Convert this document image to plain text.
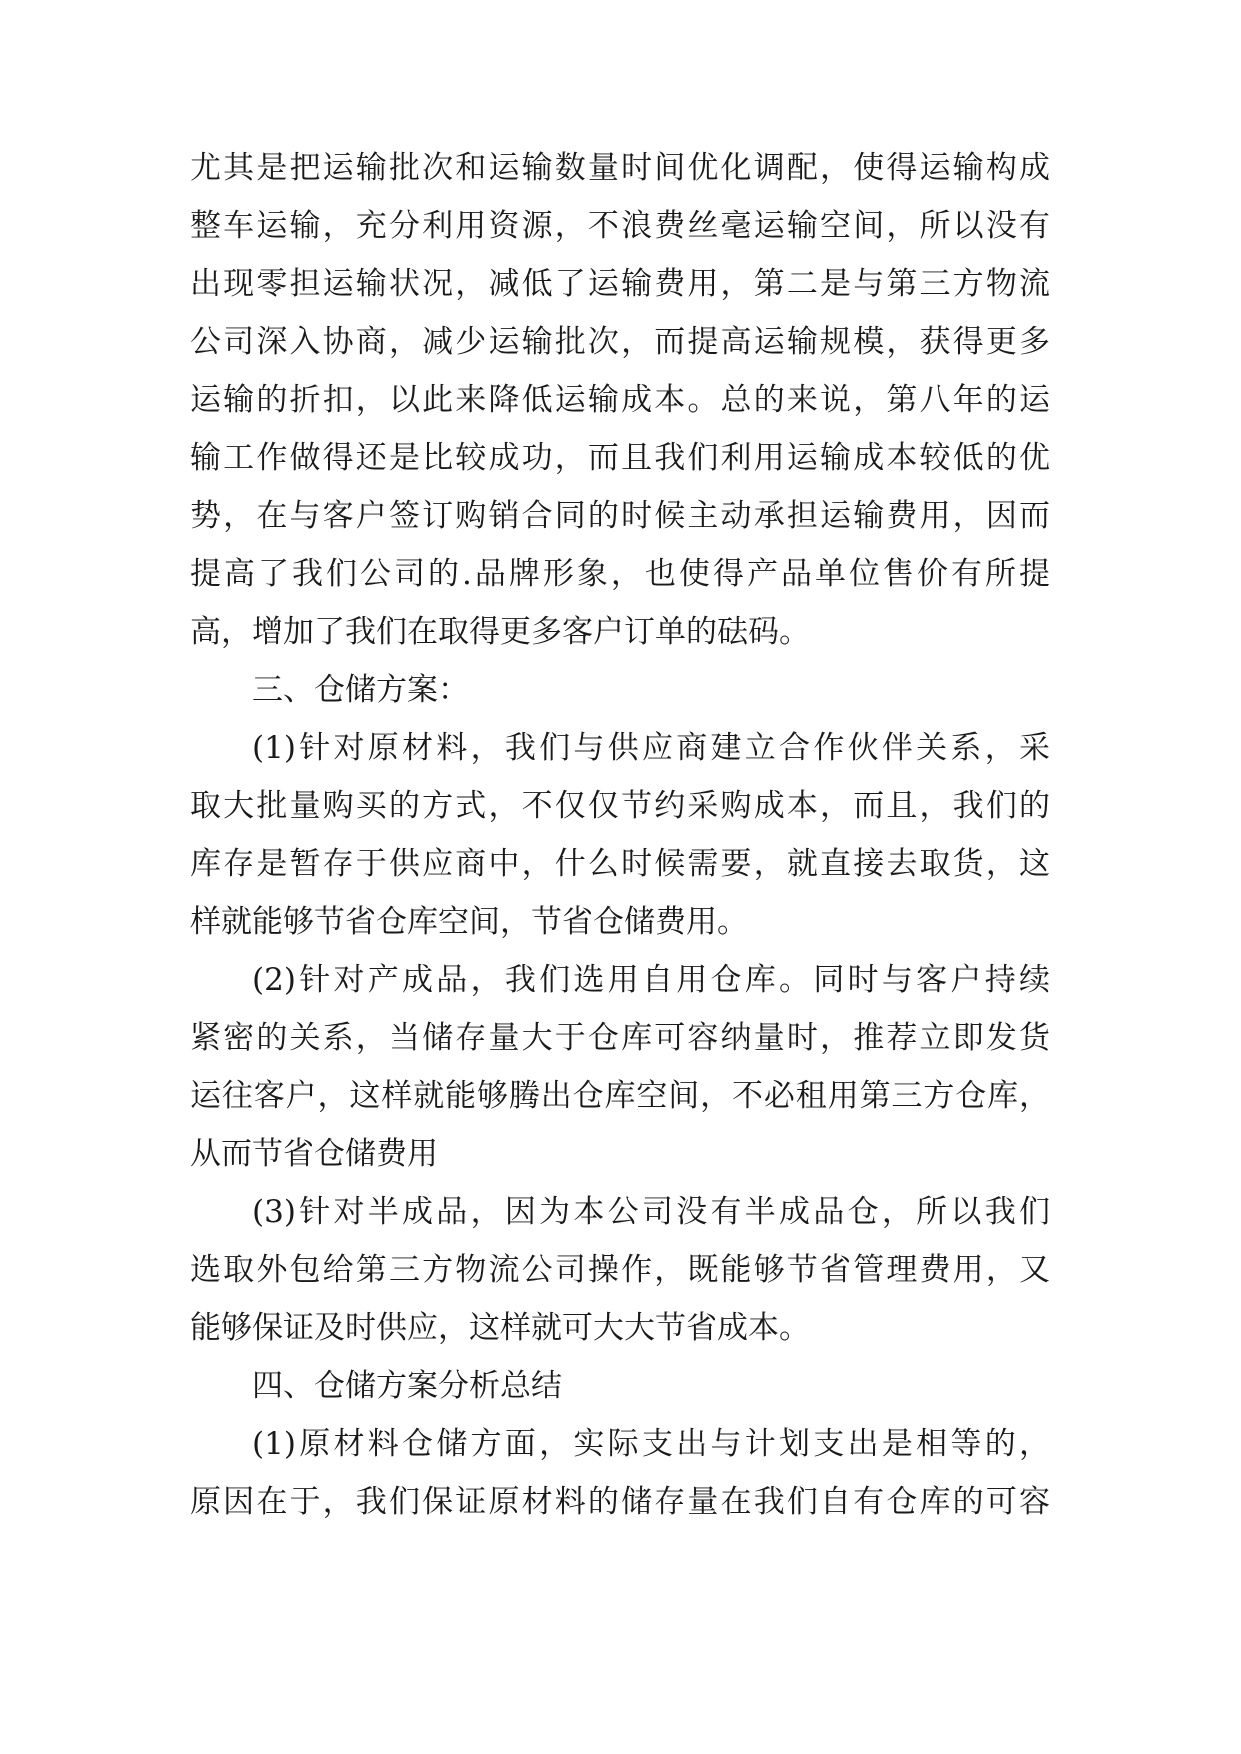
尤其是把运输批次和运输数量时间优化调配，使得运输构成

整车运输，充分利用资源，不浪费丝毫运输空间，所以没有

出现零担运输状况，减低了运输费用，第二是与第三方物流

公司深入协商，减少运输批次，而提高运输规模，获得更多

运输的折扣，以此来降低运输成本。总的来说，第八年的运

输工作做得还是比较成功，而且我们利用运输成本较低的优

势，在与客户签订购销合同的时候主动承担运输费用，因而

提高了我们公司的.品牌形象，也使得产品单位售价有所提

高，增加了我们在取得更多客户订单的砝码。

三、仓储方案：

(1)针对原材料，我们与供应商建立合作伙伴关系，采

取大批量购买的方式，不仅仅节约采购成本，而且，我们的

库存是暂存于供应商中，什么时候需要，就直接去取货，这

样就能够节省仓库空间，节省仓储费用。

(2)针对产成品，我们选用自用仓库。同时与客户持续

紧密的关系，当储存量大于仓库可容纳量时，推荐立即发货

运往客户，这样就能够腾出仓库空间，不必租用第三方仓库，

从而节省仓储费用

(3)针对半成品，因为本公司没有半成品仓，所以我们

选取外包给第三方物流公司操作，既能够节省管理费用，又

能够保证及时供应，这样就可大大节省成本。

四、仓储方案分析总结

(1)原材料仓储方面，实际支出与计划支出是相等的，

原因在于，我们保证原材料的储存量在我们自有仓库的可容
